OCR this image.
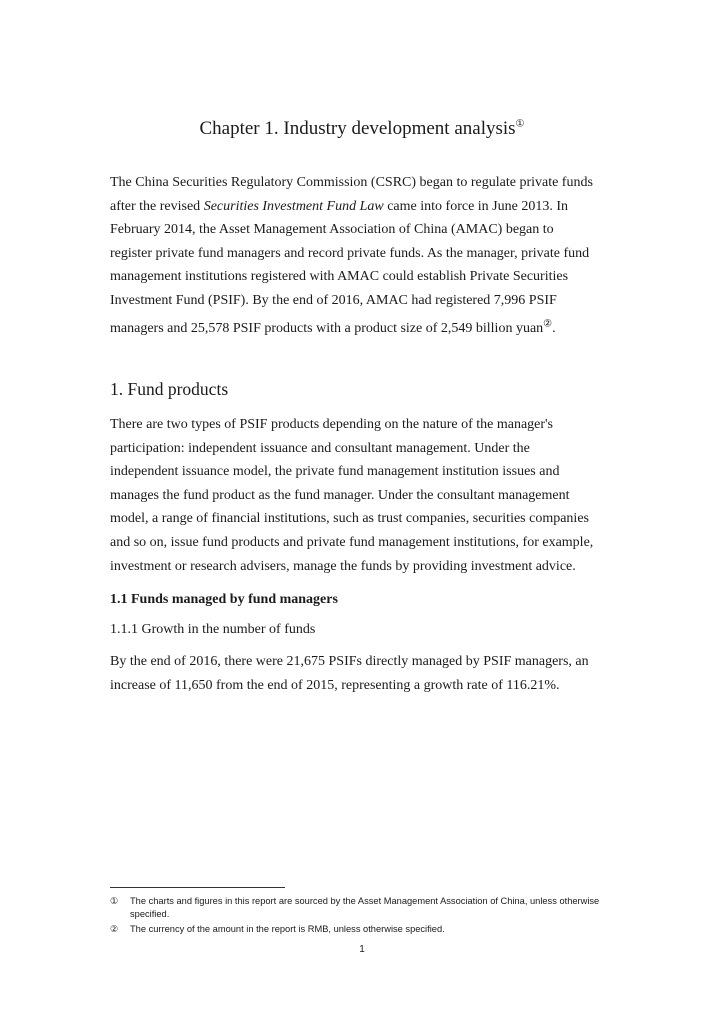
Chapter 1. Industry development analysis①
The China Securities Regulatory Commission (CSRC) began to regulate private funds
after the revised Securities Investment Fund Law came into force in June 2013. In
February 2014, the Asset Management Association of China (AMAC) began to
register private fund managers and record private funds. As the manager, private fund
management institutions registered with AMAC could establish Private Securities
Investment Fund (PSIF). By the end of 2016, AMAC had registered 7,996 PSIF
managers and 25,578 PSIF products with a product size of 2,549 billion yuan②.
1. Fund products
There are two types of PSIF products depending on the nature of the manager's
participation: independent issuance and consultant management. Under the
independent issuance model, the private fund management institution issues and
manages the fund product as the fund manager. Under the consultant management
model, a range of financial institutions, such as trust companies, securities companies
and so on, issue fund products and private fund management institutions, for example,
investment or research advisers, manage the funds by providing investment advice.
1.1 Funds managed by fund managers
1.1.1 Growth in the number of funds
By the end of 2016, there were 21,675 PSIFs directly managed by PSIF managers, an
increase of 11,650 from the end of 2015, representing a growth rate of 116.21%.
①	The charts and figures in this report are sourced by the Asset Management Association of China, unless otherwise specified.
②	The currency of the amount in the report is RMB, unless otherwise specified.
1
